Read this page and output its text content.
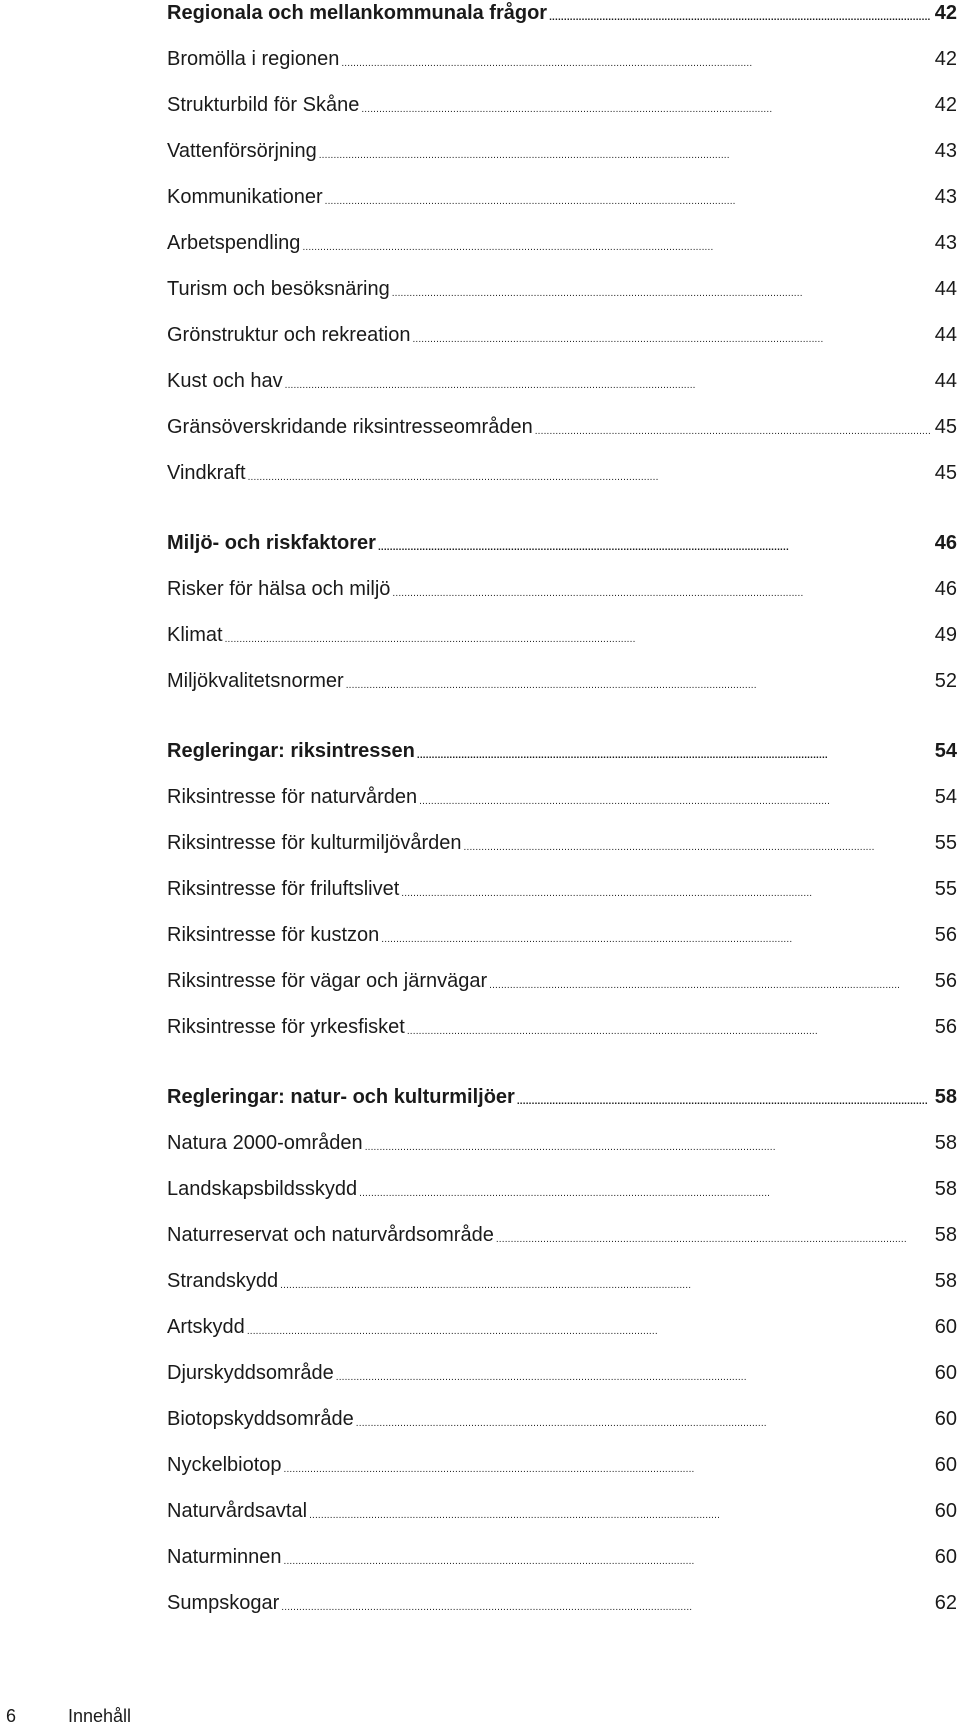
Regionala och mellankommunala frågor . . .	42
Bromölla i regionen . . .	42
Strukturbild för Skåne . . .	42
Vattenförsörjning . . .	43
Kommunikationer . . .	43
Arbetspendling . . .	43
Turism och besöksnäring . . .	44
Grönstruktur och rekreation . . .	44
Kust och hav . . .	44
Gränsöverskridande riksintresseområden . . .	45
Vindkraft . . .	45
Miljö- och riskfaktorer . . .	46
Risker för hälsa och miljö . . .	46
Klimat . . .	49
Miljökvalitetsnormer . . .	52
Regleringar: riksintressen . . .	54
Riksintresse för naturvården . . .	54
Riksintresse för kulturmiljövården . . .	55
Riksintresse för friluftslivet . . .	55
Riksintresse för kustzon . . .	56
Riksintresse för vägar och järnvägar . . .	56
Riksintresse för yrkesfisket . . .	56
Regleringar: natur- och kulturmiljöer . . .	58
Natura 2000-områden . . .	58
Landskapsbildsskydd . . .	58
Naturreservat och naturvårdsområde . . .	58
Strandskydd . . .	58
Artskydd . . .	60
Djurskyddsområde . . .	60
Biotopskyddsområde . . .	60
Nyckelbiotop . . .	60
Naturvårdsavtal . . .	60
Naturminnen . . .	60
Sumpskogar . . .	62
6	Innehåll
